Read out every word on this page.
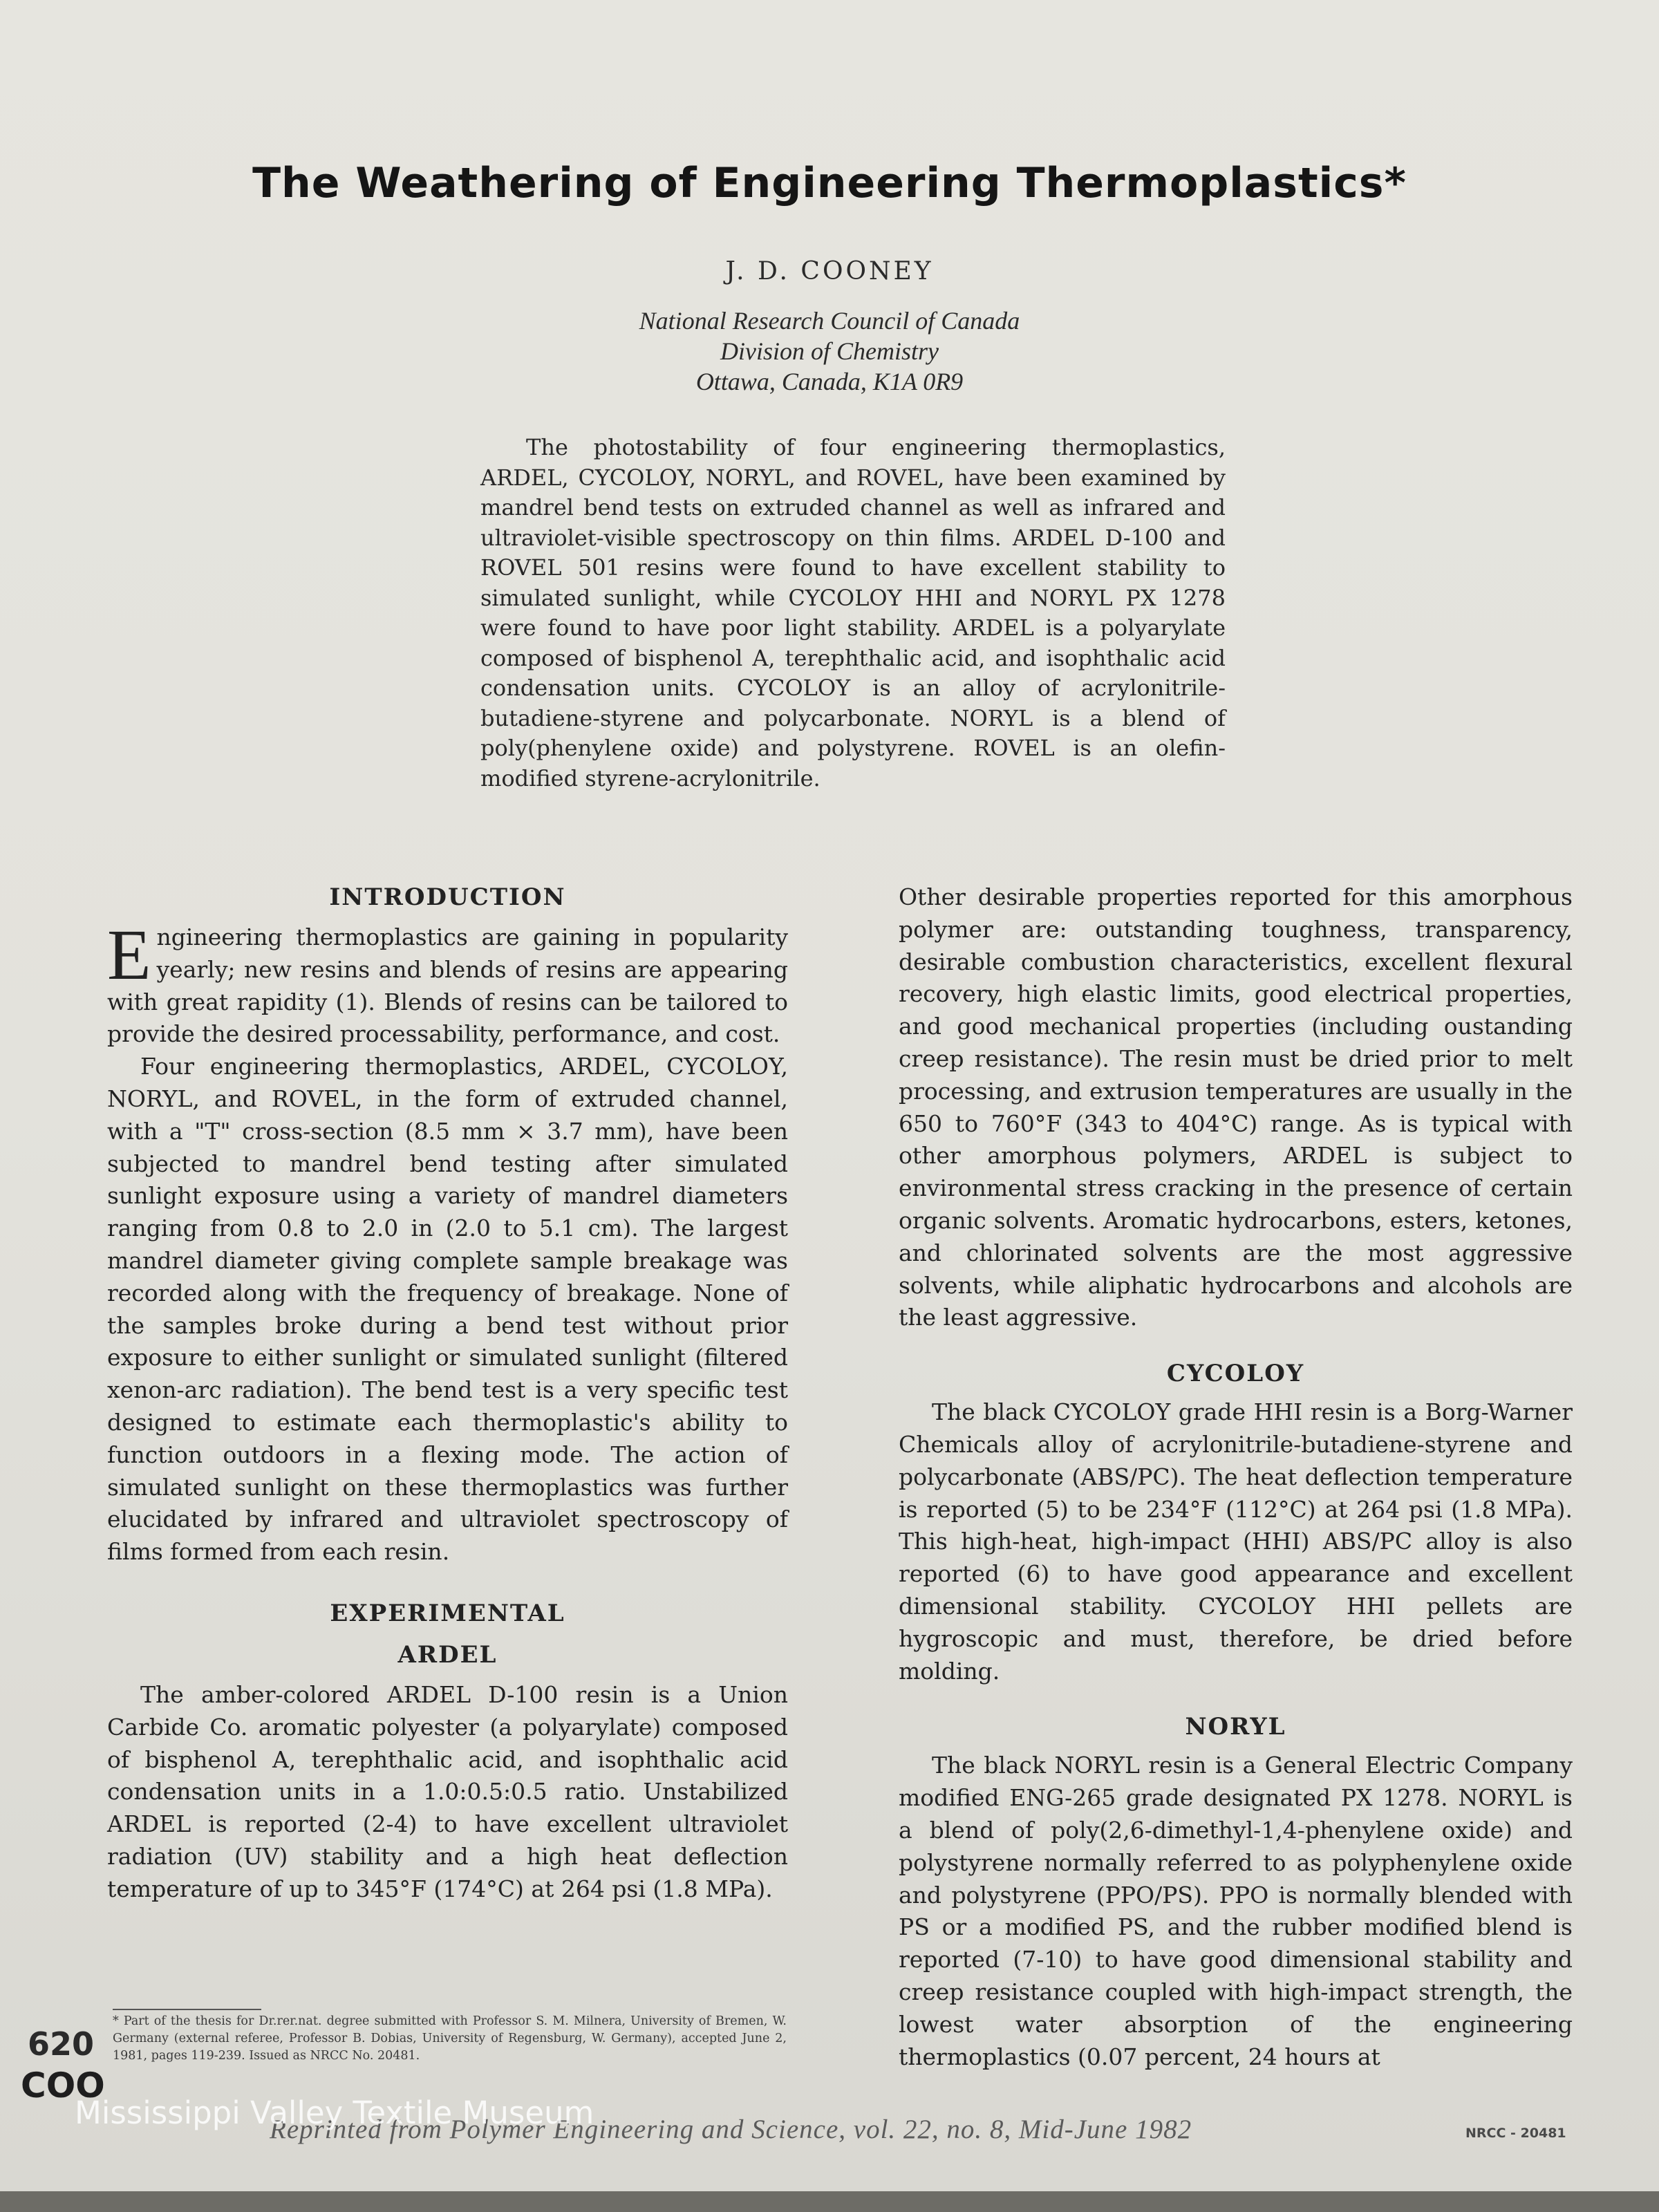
The Weathering of Engineering Thermoplastics*
J. D. COONEY
National Research Council of Canada
Division of Chemistry
Ottawa, Canada, K1A 0R9

The photostability of four engineering thermoplastics, ARDEL, CYCOLOY, NORYL, and ROVEL, have been examined by mandrel bend tests on extruded channel as well as infrared and ultraviolet-visible spectroscopy on thin films. ARDEL D-100 and ROVEL 501 resins were found to have excellent stability to simulated sunlight, while CYCOLOY HHI and NORYL PX 1278 were found to have poor light stability. ARDEL is a polyarylate composed of bisphenol A, terephthalic acid, and isophthalic acid condensation units. CYCOLOY is an alloy of acrylonitrile-butadiene-styrene and polycarbonate. NORYL is a blend of poly(phenylene oxide) and polystyrene. ROVEL is an olefin-modified styrene-acrylonitrile.

INTRODUCTION

Engineering thermoplastics are gaining in popularity yearly; new resins and blends of resins are appearing with great rapidity (1). Blends of resins can be tailored to provide the desired processability, performance, and cost.

Four engineering thermoplastics, ARDEL, CYCOLOY, NORYL, and ROVEL, in the form of extruded channel, with a "T" cross-section (8.5 mm × 3.7 mm), have been subjected to mandrel bend testing after simulated sunlight exposure using a variety of mandrel diameters ranging from 0.8 to 2.0 in (2.0 to 5.1 cm). The largest mandrel diameter giving complete sample breakage was recorded along with the frequency of breakage. None of the samples broke during a bend test without prior exposure to either sunlight or simulated sunlight (filtered xenon-arc radiation). The bend test is a very specific test designed to estimate each thermoplastic's ability to function outdoors in a flexing mode. The action of simulated sunlight on these thermoplastics was further elucidated by infrared and ultraviolet spectroscopy of films formed from each resin.

EXPERIMENTAL
ARDEL

The amber-colored ARDEL D-100 resin is a Union Carbide Co. aromatic polyester (a polyarylate) composed of bisphenol A, terephthalic acid, and isophthalic acid condensation units in a 1.0:0.5:0.5 ratio. Unstabilized ARDEL is reported (2-4) to have excellent ultraviolet radiation (UV) stability and a high heat deflection temperature of up to 345°F (174°C) at 264 psi (1.8 MPa).

Other desirable properties reported for this amorphous polymer are: outstanding toughness, transparency, desirable combustion characteristics, excellent flexural recovery, high elastic limits, good electrical properties, and good mechanical properties (including oustanding creep resistance). The resin must be dried prior to melt processing, and extrusion temperatures are usually in the 650 to 760°F (343 to 404°C) range. As is typical with other amorphous polymers, ARDEL is subject to environmental stress cracking in the presence of certain organic solvents. Aromatic hydrocarbons, esters, ketones, and chlorinated solvents are the most aggressive solvents, while aliphatic hydrocarbons and alcohols are the least aggressive.

CYCOLOY

The black CYCOLOY grade HHI resin is a Borg-Warner Chemicals alloy of acrylonitrile-butadiene-styrene and polycarbonate (ABS/PC). The heat deflection temperature is reported (5) to be 234°F (112°C) at 264 psi (1.8 MPa). This high-heat, high-impact (HHI) ABS/PC alloy is also reported (6) to have good appearance and excellent dimensional stability. CYCOLOY HHI pellets are hygroscopic and must, therefore, be dried before molding.

NORYL

The black NORYL resin is a General Electric Company modified ENG-265 grade designated PX 1278. NORYL is a blend of poly(2,6-dimethyl-1,4-phenylene oxide) and polystyrene normally referred to as polyphenylene oxide and polystyrene (PPO/PS). PPO is normally blended with PS or a modified PS, and the rubber modified blend is reported (7-10) to have good dimensional stability and creep resistance coupled with high-impact strength, the lowest water absorption of the engineering thermoplastics (0.07 percent, 24 hours at

* Part of the thesis for Dr.rer.nat. degree submitted with Professor S. M. Milnera, University of Bremen, W. Germany (external referee, Professor B. Dobias, University of Regensburg, W. Germany), accepted June 2, 1981, pages 119-239. Issued as NRCC No. 20481.

620
COO
Reprinted from Polymer Engineering and Science, vol. 22, no. 8, Mid-June 1982	NRCC - 20481
Mississippi Valley Textile Museum
